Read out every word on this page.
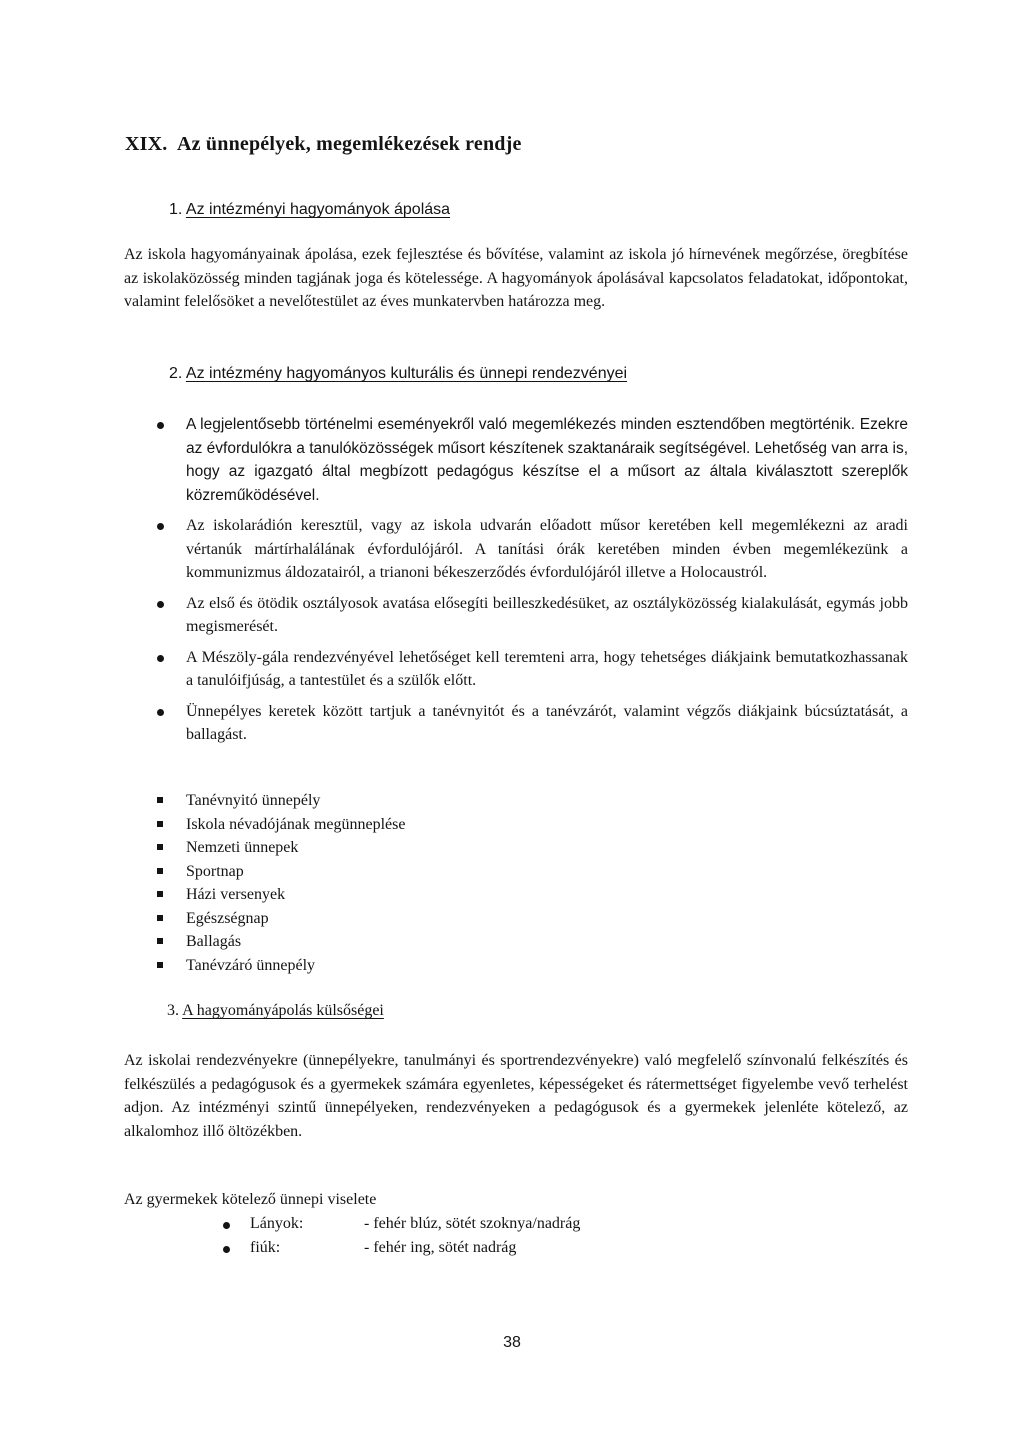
XIX. Az ünnepélyek, megemlékezések rendje
1. Az intézményi hagyományok ápolása
Az iskola hagyományainak ápolása, ezek fejlesztése és bővítése, valamint az iskola jó hírnevének megőrzése, öregbítése az iskolaközösség minden tagjának joga és kötelessége. A hagyományok ápolásával kapcsolatos feladatokat, időpontokat, valamint felelősöket a nevelőtestület az éves munkatervben határozza meg.
2. Az intézmény hagyományos kulturális és ünnepi rendezvényei
A legjelentősebb történelmi eseményekről való megemlékezés minden esztendőben megtörténik. Ezekre az évfordulókra a tanulóközösségek műsort készítenek szaktanáraik segítségével. Lehetőség van arra is, hogy az igazgató által megbízott pedagógus készítse el a műsort az általa kiválasztott szereplők közreműködésével.
Az iskolarádión keresztül, vagy az iskola udvarán előadott műsor keretében kell megemlékezni az aradi vértanúk mártírhalálának évfordulójáról. A tanítási órák keretében minden évben megemlékezünk a kommunizmus áldozatairól, a trianoni békeszerződés évfordulójáról illetve a Holocaustról.
Az első és ötödik osztályosok avatása elősegíti beilleszkedésüket, az osztályközösség kialakulását, egymás jobb megismerését.
A Mészöly-gála rendezvényével lehetőséget kell teremteni arra, hogy tehetséges diákjaink bemutatkozhassanak a tanulóifjúság, a tantestület és a szülők előtt.
Ünnepélyes keretek között tartjuk a tanévnyitót és a tanévzárót, valamint végzős diákjaink búcsúztatását, a ballagást.
Tanévnyitó ünnepély
Iskola névadójának megünneplése
Nemzeti ünnepek
Sportnap
Házi versenyek
Egészségnap
Ballagás
Tanévzáró ünnepély
3. A hagyományápolás külsőségei
Az iskolai rendezvényekre (ünnepélyekre, tanulmányi és sportrendezvényekre) való megfelelő színvonalú felkészítés és felkészülés a pedagógusok és a gyermekek számára egyenletes, képességeket és rátermettséget figyelembe vevő terhelést adjon. Az intézményi szintű ünnepélyeken, rendezvényeken a pedagógusok és a gyermekek jelenléte kötelező, az alkalomhoz illő öltözékben.
Az gyermekek kötelező ünnepi viselete
Lányok:	- fehér blúz, sötét szoknya/nadrág
fiúk:	- fehér ing, sötét nadrág
38
